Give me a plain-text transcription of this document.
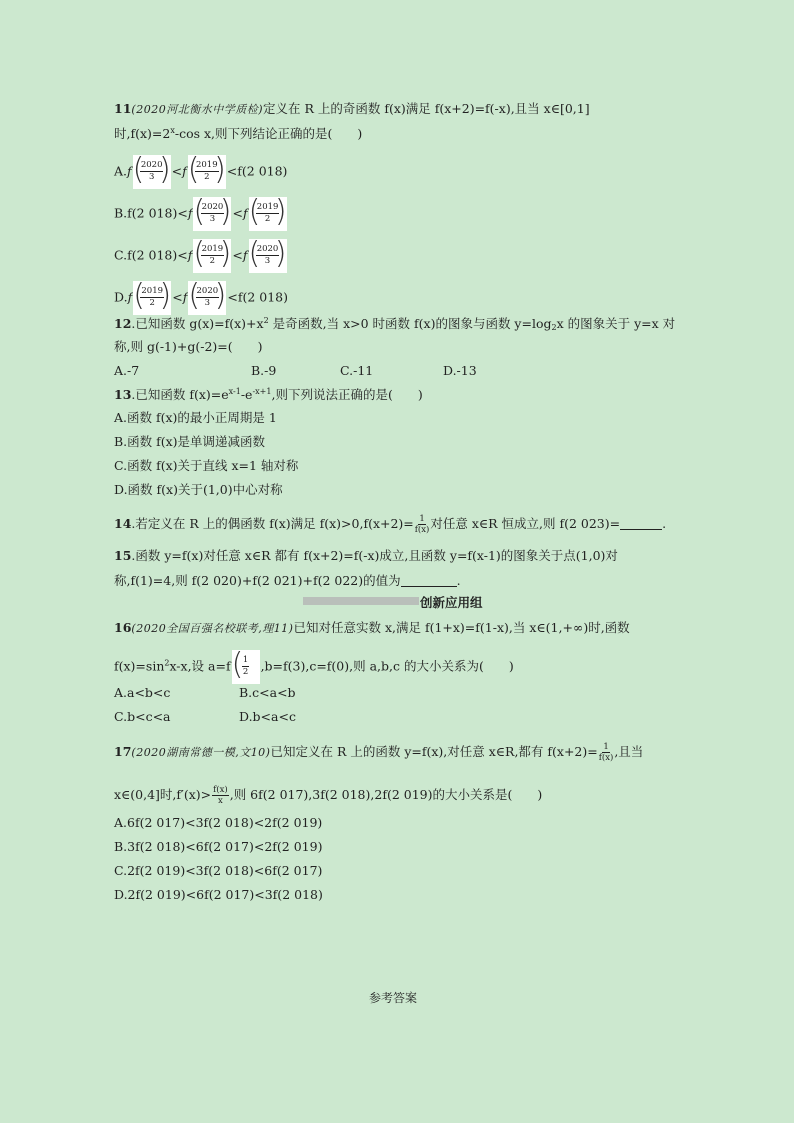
11(2020河北衡水中学质检)定义在 R 上的奇函数 f(x)满足 f(x+2)=f(-x),且当 x∈[0,1]
时$,f(x)=2^x-\cos$ x,则下列结论正确的是(　　)
A.f (
$\frac{2020}{3}$
) <f (
$\frac{2019}{2}$
) <f(2 018)
B.f(2 018)<f (
$\frac{2020}{3}$
) <f (
$\frac{2019}{2}$
)
C.f(2 018)<f (
$\frac{2019}{2}$
) <f (
$\frac{2020}{3}$
)
D.f (
$\frac{2019}{2}$
) <f (
$\frac{2020}{3}$
) <f(2 018)
12.已知函数 $g(x)=f(x)+x^2$ 是奇函数,当 x>0 时函数 f(x)的图象与函数 $y=\log_2x$ 的图象关于 y=x 对
称,则 g(-1)+g(-2)=(　　)
A.-7	B.-9	C.-11	D.-13
13.已知函数 $f(x)=e^{x-1}-e^{-x+1}$,则下列说法正确的是(　　)
A.函数 f(x)的最小正周期是 1
B.函数 f(x)是单调递减函数
C.函数 f(x)关于直线 x=1 轴对称
D.函数 f(x)关于(1,0)中心对称
14.若定义在 R 上的偶函数 f(x)满足 $f(x)>0,f(x+2)= \frac{1}{f(x)}$ 对任意 x∈R 恒成立,则 f(2 023)=	.
15.函数 y=f(x)对任意 x∈R 都有 f(x+2)=f(-x)成立,且函数 y=f(x-1)的图象关于点(1,0)对
称,f(1)=4,则 f(2 020)+f(2 021)+f(2 022)的值为	.
创新应用组
16(2020全国百强名校联考,理11)已知对任意实数 x,满足 f(1+x)=f(1-x),当 x∈(1,+∞)时,函数
$f(x)=\sin^2x-x$,设 a=f (
$\frac{1}{2} ,b=f(3),c=f(0)$,则 a,b,c 的大小关系为(　　)
A.a<b<c	B.c<a<b
C.b<c<a	D.b<a<c
17(2020湖南常德一模,文10)已知定义在 R 上的函数 y=f(x),对任意 x∈R,都有 $f(x+2)= \frac{1}{f(x)}$ ,且当
x∈(0,4]时$,f'(x)> \frac{f(x)}{x}$ ,则 6f(2 017),3f(2 018),2f(2 019)的大小关系是(　　)
A.6f(2 017)<3f(2 018)<2f(2 019)
B.3f(2 018)<6f(2 017)<2f(2 019)
C.2f(2 019)<3f(2 018)<6f(2 017)
D.2f(2 019)<6f(2 017)<3f(2 018)
参考答案
